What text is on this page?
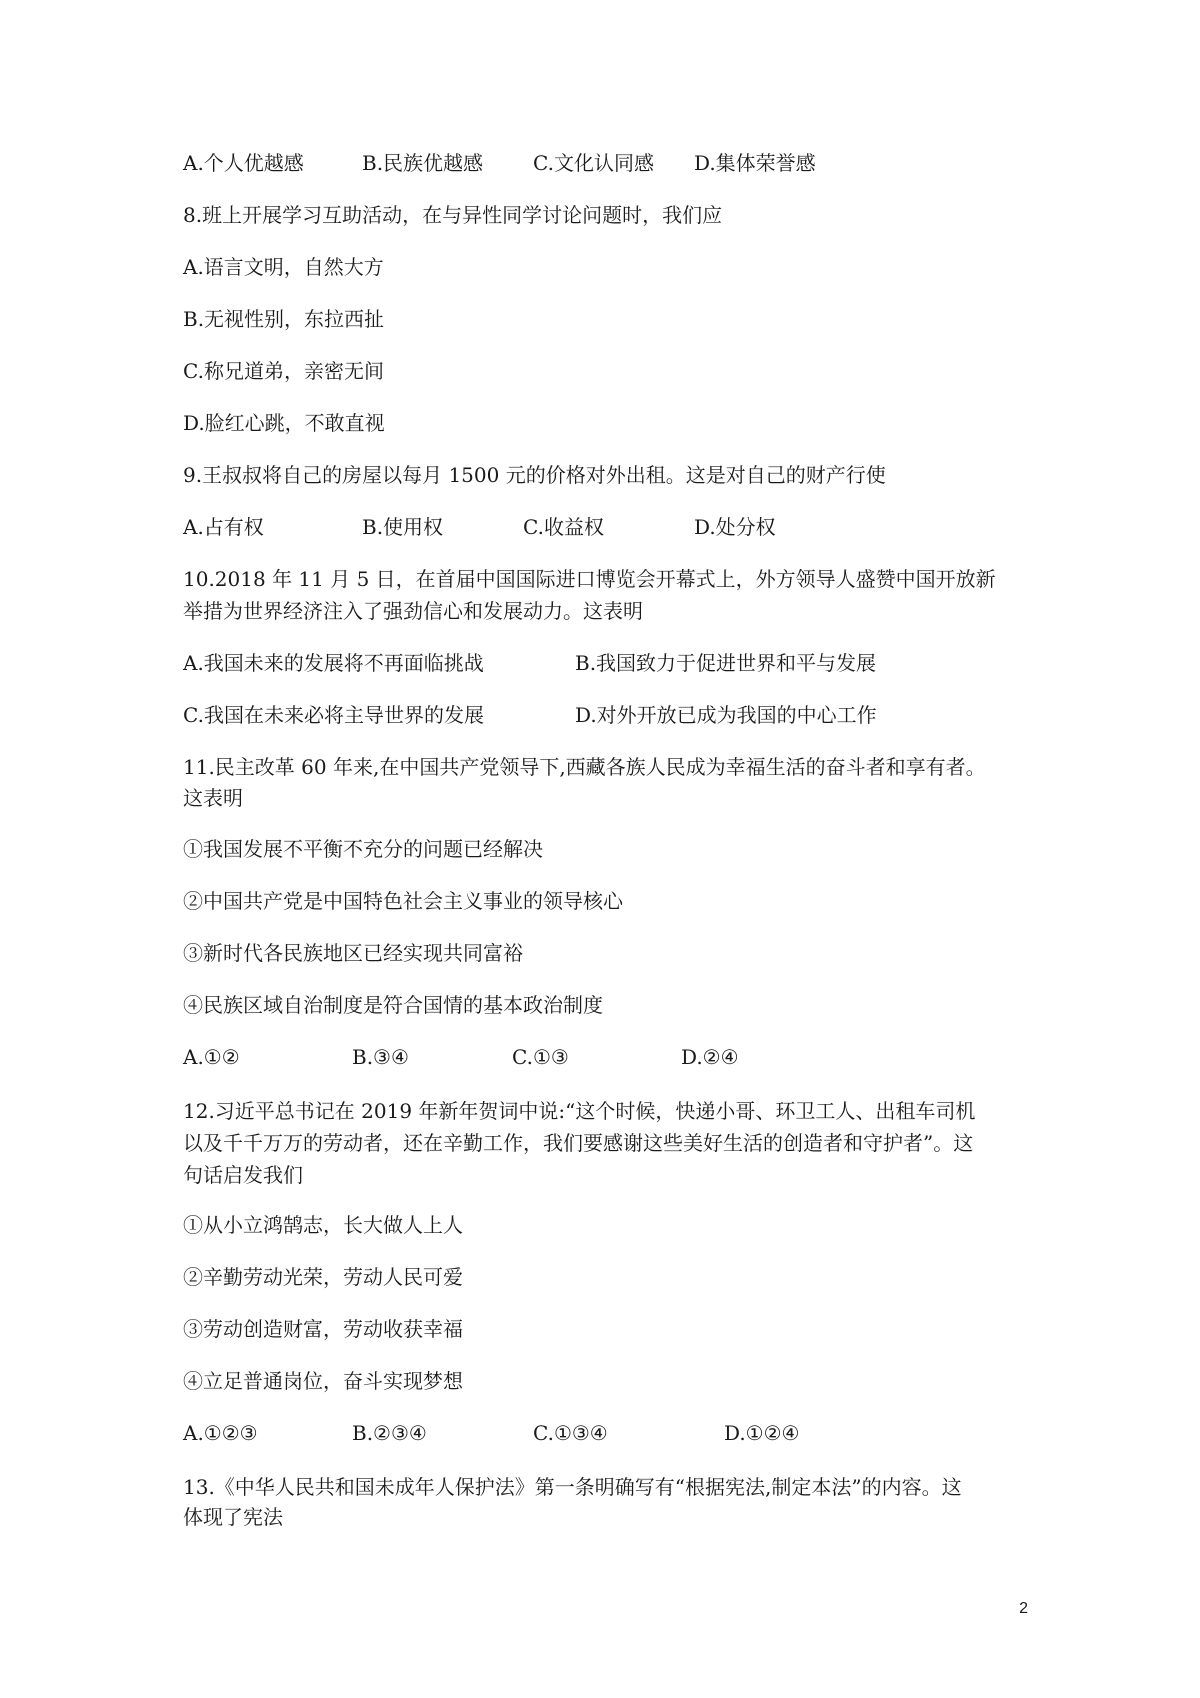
A.个人优越感	B.民族优越感 C.文化认同感 D.集体荣誉感
8.班上开展学习互助活动，在与异性同学讨论问题时，我们应
A.语言文明，自然大方
B.无视性别，东拉西扯
C.称兄道弟，亲密无间
D.脸红心跳，不敢直视
9.王叔叔将自己的房屋以每月 1500 元的价格对外出租。这是对自己的财产行使
A.占有权	B.使用权	C.收益权	D.处分权
10.2018 年 11 月 5 日，在首届中国国际进口博览会开幕式上，外方领导人盛赞中国开放新
举措为世界经济注入了强劲信心和发展动力。这表明
A.我国未来的发展将不再面临挑战	B.我国致力于促进世界和平与发展
C.我国在未来必将主导世界的发展	D.对外开放已成为我国的中心工作
11.民主改革 60 年来,在中国共产党领导下,西藏各族人民成为幸福生活的奋斗者和享有者。
这表明
①我国发展不平衡不充分的问题已经解决
②中国共产党是中国特色社会主义事业的领导核心
③新时代各民族地区已经实现共同富裕
④民族区域自治制度是符合国情的基本政治制度
A.①②	B.③④	C.①③	D.②④
12.习近平总书记在 2019 年新年贺词中说:“这个时候，快递小哥、环卫工人、出租车司机
以及千千万万的劳动者，还在辛勤工作，我们要感谢这些美好生活的创造者和守护者”。这
句话启发我们
①从小立鸿鹄志，长大做人上人
②辛勤劳动光荣，劳动人民可爱
③劳动创造财富，劳动收获幸福
④立足普通岗位，奋斗实现梦想
A.①②③	B.②③④	C.①③④	D.①②④
13.《中华人民共和国未成年人保护法》第一条明确写有“根据宪法,制定本法”的内容。这
体现了宪法
2
